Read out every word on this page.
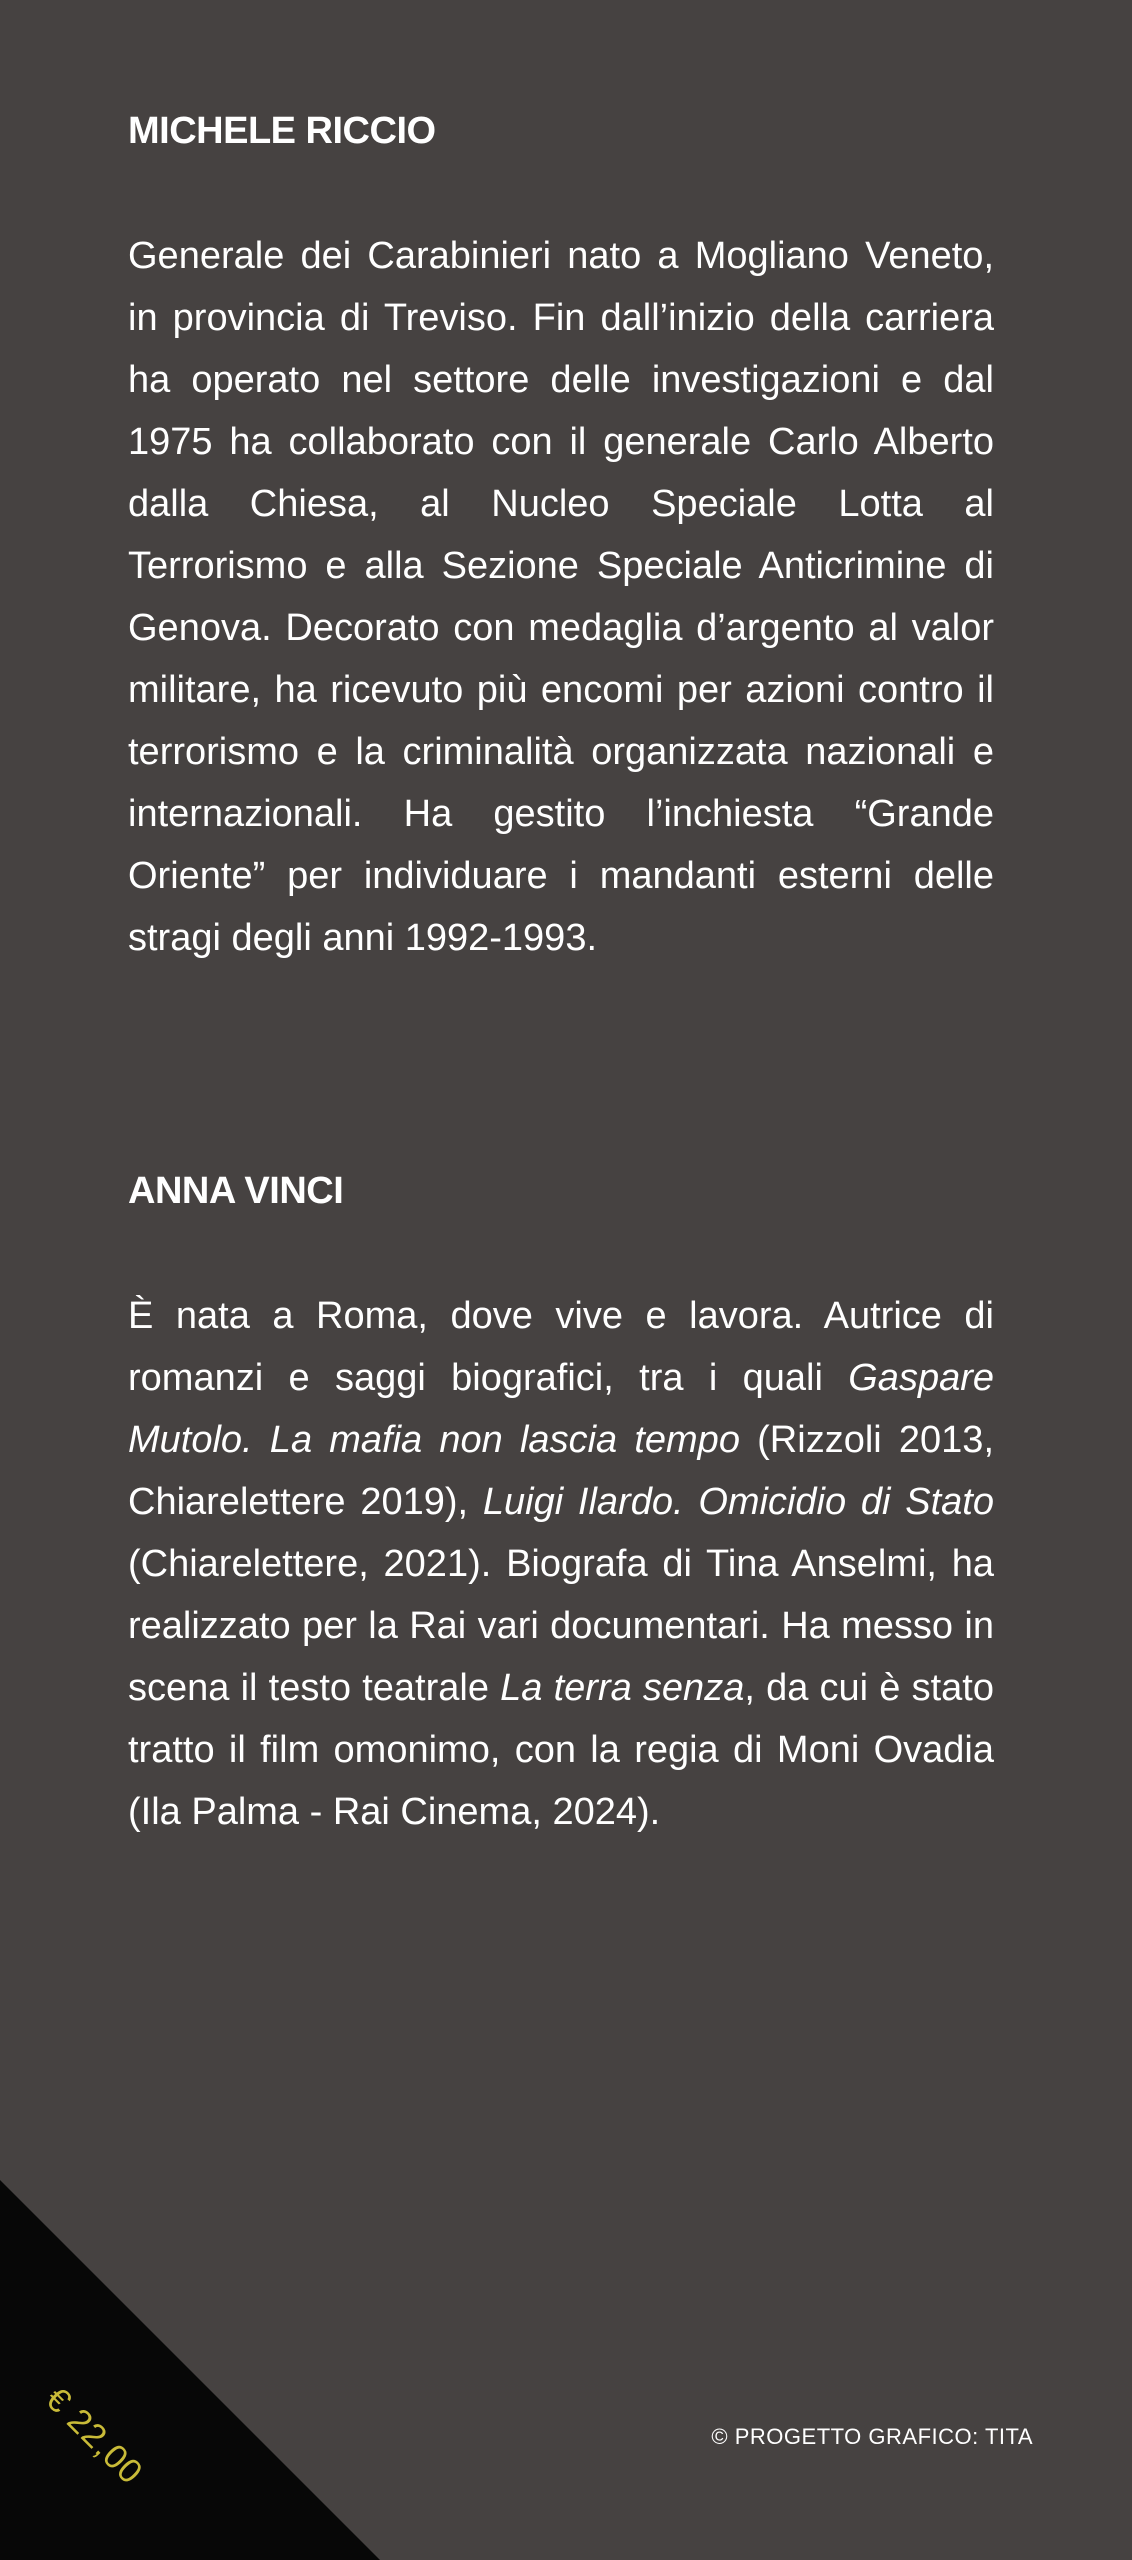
MICHELE RICCIO

Generale dei Carabinieri nato a Mogliano Veneto, in provincia di Treviso. Fin dall’inizio della carriera ha operato nel settore delle investigazioni e dal 1975 ha collaborato con il generale Carlo Alberto dalla Chiesa, al Nucleo Speciale Lotta al Terrorismo e alla Sezione Speciale Anticrimine di Genova. Decorato con medaglia d’argento al valor militare, ha ricevuto più encomi per azioni contro il terrorismo e la criminalità organizzata nazionali e internazionali. Ha gestito l’inchiesta “Grande Oriente” per individuare i mandanti esterni delle stragi degli anni 1992-1993.

ANNA VINCI

È nata a Roma, dove vive e lavora. Autrice di romanzi e saggi biografici, tra i quali Gaspare Mutolo. La mafia non lascia tempo (Rizzoli 2013, Chiarelettere 2019), Luigi Ilardo. Omicidio di Stato (Chiarelettere, 2021). Biografa di Tina Anselmi, ha realizzato per la Rai vari documentari. Ha messo in scena il testo teatrale La terra senza, da cui è stato tratto il film omonimo, con la regia di Moni Ovadia (Ila Palma - Rai Cinema, 2024).

€ 22,00	© PROGETTO GRAFICO: TITA
